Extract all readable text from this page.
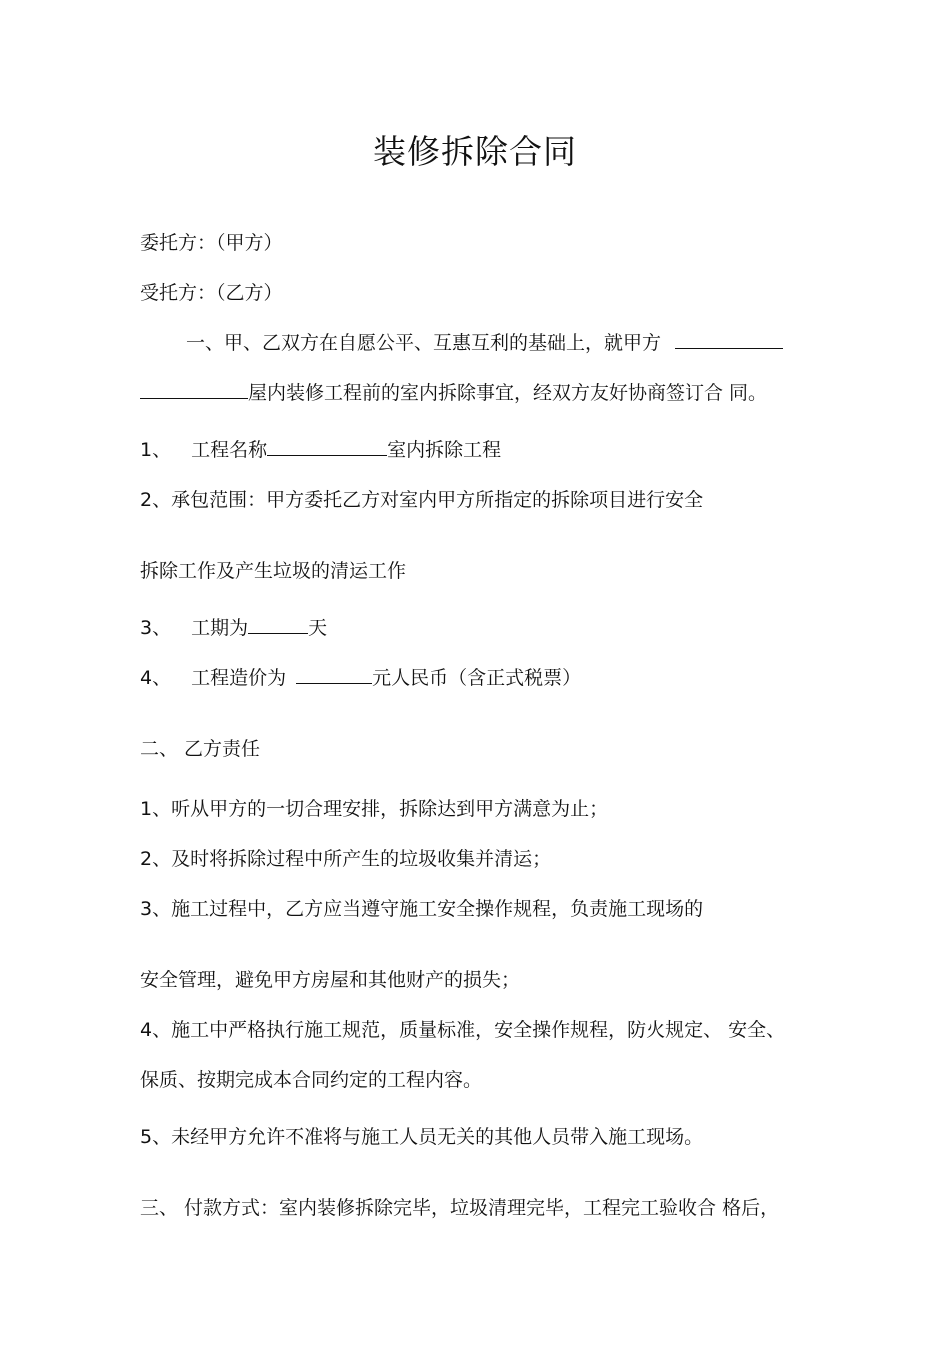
装修拆除合同
委托方：（甲方）
受托方：（乙方）
一、甲、乙双方在自愿公平、互惠互利的基础上，就甲方
屋内装修工程前的室内拆除事宜，经双方友好协商签订合 同。
1、 工程名称	室内拆除工程
2、承包范围：甲方委托乙方对室内甲方所指定的拆除项目进行安全
拆除工作及产生垃圾的清运工作
3、 工期为	天
4、 工程造价为	元人民币（含正式税票）
二、 乙方责任
1、听从甲方的一切合理安排，拆除达到甲方满意为止；
2、及时将拆除过程中所产生的垃圾收集并清运；
3、施工过程中，乙方应当遵守施工安全操作规程，负责施工现场的
安全管理，避免甲方房屋和其他财产的损失；
4、施工中严格执行施工规范，质量标准，安全操作规程，防火规定、 安全、
保质、按期完成本合同约定的工程内容。
5、未经甲方允许不准将与施工人员无关的其他人员带入施工现场。
三、 付款方式：室内装修拆除完毕，垃圾清理完毕，工程完工验收合 格后，
